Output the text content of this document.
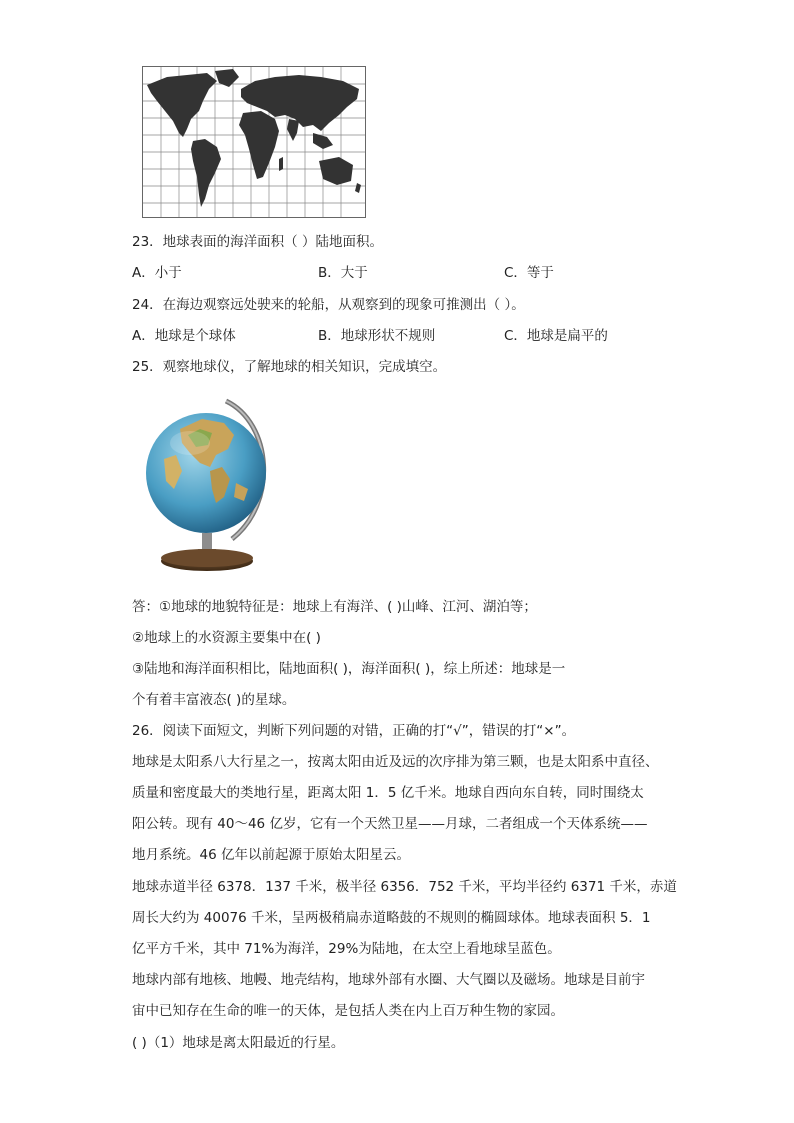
23．地球表面的海洋面积（ ）陆地面积。
A．小于	B．大于	C．等于
24．在海边观察远处驶来的轮船，从观察到的现象可推测出（ ）。
A．地球是个球体	B．地球形状不规则	C．地球是扁平的
25．观察地球仪，了解地球的相关知识，完成填空。
答：①地球的地貌特征是：地球上有海洋、( )山峰、江河、湖泊等；
②地球上的水资源主要集中在( )
③陆地和海洋面积相比，陆地面积( )，海洋面积( )，综上所述：地球是一
个有着丰富液态( )的星球。
26．阅读下面短文，判断下列问题的对错，正确的打“√”，错误的打“×”。
地球是太阳系八大行星之一，按离太阳由近及远的次序排为第三颗，也是太阳系中直径、
质量和密度最大的类地行星，距离太阳 1．5 亿千米。地球自西向东自转，同时围绕太
阳公转。现有 40～46 亿岁，它有一个天然卫星——月球，二者组成一个天体系统——
地月系统。46 亿年以前起源于原始太阳星云。
地球赤道半径 6378．137 千米，极半径 6356．752 千米，平均半径约 6371 千米，赤道
周长大约为 40076 千米，呈两极稍扁赤道略鼓的不规则的椭圆球体。地球表面积 5．1
亿平方千米，其中 71%为海洋，29%为陆地，在太空上看地球呈蓝色。
地球内部有地核、地幔、地壳结构，地球外部有水圈、大气圈以及磁场。地球是目前宇
宙中已知存在生命的唯一的天体，是包括人类在内上百万种生物的家园。
( )（1）地球是离太阳最近的行星。
